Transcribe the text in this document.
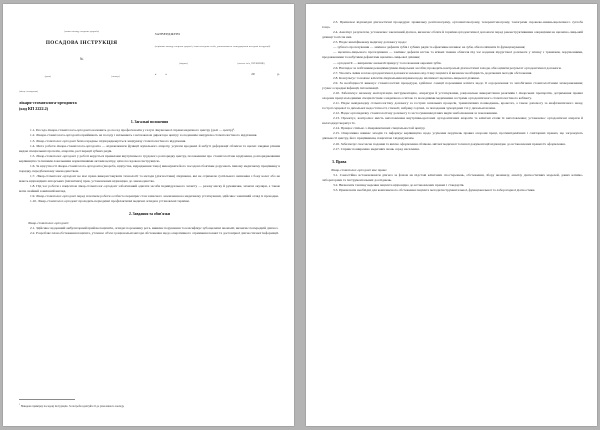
(назва закладу охорони здоров'я)
ПОСАДОВА ІНСТРУКЦІЯ
№
(дата)	(номер)
(місце складання)
лікаря-стоматолога-ортодонта
(код КП 2222.2)
ЗАТВЕРДЖУЮ
(керівник закладу охорони здоров'я, інша посадова особа, уповноважена затверджувати посадові інструкції)
(підпис)	(власне ім'я, ПРІЗВИЩЕ)
«	»	20	р.
1. Загальні положення

1.1. Посада лікаря-стоматолога-ортодонта належить до посад професіоналів у галузі лікувальної справи медичного центру (далі — центр)¹.

1.2. Лікаря-стоматолога-ортодонта приймають на посаду і звільняють з неї наказом директора центру за поданням завідувача стоматологічного відділення.

1.3. Лікар-стоматолог-ортодонт безпосередньо підпорядковується завідувачу стоматологічного відділення.

1.4. Мета роботи лікаря-стоматолога-ортодонта — відновлювати функції жувального апарату, усувати вроджені й набуті деформації обличчя та щелеп завдяки різним видам спеціальних протезів, апаратів, реставрації зубних рядів.

1.5. Лікар-стоматолог-ортодонт у роботі керується правилами внутрішнього трудового розпорядку центру, положенням про стоматологічне відділення, розпорядженнями керівництва та іншими локальними нормативними актами центру, цією посадовою інструкцією.

1.6. За відсутності лікаря-стоматолога-ортодонта (хвороба, відпустка, відрядження тощо) виконувати його посадові обов'язки доручають іншому медичному працівнику в порядку, передбаченому законодавством.

1.7. Лікар-стоматолог-ортодонт не має права використовувати технології та методи (діагностики) лікування, які не отримали суспільного визнання з боку колег або не мають відповідних авторських (патентних) прав, установлених відповідно до законодавства.

1.8. Під час роботи з пацієнтом лікар-стоматолог-ортодонт зобов'язаний одягати засоби індивідуального захисту — разову маску й рукавички, захисні окуляри, а також мати охайний зовнішній вигляд.

1.9. Лікар-стоматолог-ортодонт перед початком роботи особисто перевіряє стан захисного заземлення на медичному устаткуванні, здійснює зовнішній огляд із проводки.

1.10. Лікар-стоматолог-ортодонт проходить періодичні профілактичні медичні огляди в установлені терміни.

2. Завдання та обов'язки

Лікар-стоматолог-ортодонт:

2.1. Здійснює щоденний амбулаторний прийом пацієнтів, огляди: порожнину рота, виявляє порушення та класифікує зубощелепні аномалії, визначає попередній діагноз.

2.2. Розробляє план обстеження пацієнта, уточнює об'єм і раціональні методи обстеження щодо оперативного отримання повної та достовірної діагностичної інформації.

$^1$ Наведено примірну посадову інструкцію. За потреби адаптуйте її до умов вашого закладу.

2.3. Призначає відповідні діагностичні процедури: правильну рентгенограму, ортопантомограму, телерентгенограму, томограми скронево-нижньощелепного суглоба тощо.

2.4. Аналізує результати, установлює заключний діагноз, визначає обсяги й терміни ортодонтичної допомоги перед реконструктивними операціями на щелепно-лицьовій ділянці та після них.

2.5. Надає кваліфіковану медичну допомогу щодо:

— зубного протезування — замінює дефекти зубів і зубних рядів та ефективне впливає на зуби, аби поліпшити їх функціонування;

— щелепно-лицьового протезування — замінює дефекти кісток та м'яких тканин обличчя під час надання хірургічної допомоги у зв'язку з травмами, порушеннями, продовженими та набутими дефектами щелепно-лицьової ділянки;

— ортодонтії — виправляє аномалії прикусу та положення окремих зубів.

2.6. Наглядає за побічними реакціями/діями лікарських засобів; проводить контрольні діагностичні заходи, аби оцінити результат ортодонтичної допомоги.

2.7. Уносить зміни в план ортодонтичної допомоги залежно від стану пацієнта й визначає необхідність додаткових методів обстеження.

2.8. Консультує та навчає клієнтів лікувальним вправам щодо міотимаєт щелепно-лицьової ділянки.

2.9. За необхідності виконує стоматологічні процедури, здійснює санації порожнини клієнта щодо її оздоровлення та запобігання стоматологічним захворюванням; усуває осередки інфекції, інтоксикації.

2.10. Забезпечує належну експлуатацію інструментарію, апаратури й устаткування, раціональне використання реактивів і лікарських препаратів, дотримання правил охорони праці молодшими спеціалістами з медичною освітою та молодшими медичними сестрами ортодонтичного стоматологічного кабінету.

2.11. Надає невідкладну стоматологічну допомогу за гострих запальних процесів, травматичних пошкоджень, кровотеч, а також допомогу за анафілактичного шоку, гострої серцевої та дихальної недостатності, гіпоксії, набряку гортані, за попадання чужорідних тіл у дихальні шляхи.

2.12. Надає ортопедичну стоматологічну допомогу із застосуванням різних видів знеболювання за показаннями.

2.13. Проектує, контролює якість виготовлення внутрішньоротових ортодонтичних апаратів та клінічні етапи їх виготовлення; установлює ортодонтичні апарати й налагоджує/коригує їх.

2.14. Працює спільно з лікарями інших спеціальностей центру.

2.15. Оперативно вживає заходів та інформує керівництво щодо усунення порушень правил охорони праці, протиепідемічних і санітарних правил, що загрожують діяльності центру, його працівникам, пацієнтам і відвідувачам.

2.16. Забезпечує своєчасне подання та якісне оформлення обліково-звітної медичної та іншої документації відповідно до встановлених правил їх оформлення.

2.17. Сприяє поширенню медичних знань серед населення.

3. Права

Лікар-стоматолог-ортодонт має право:

3.1. Самостійно встановлювати діагноз за фахом на підставі клінічних спостережень, обстеження, збору анамнезу, аналізу діагностичних моделей, даних клініко-лабораторних та інструментальних досліджень.

3.2. Визначати тактику ведення пацієнта відповідно до встановлених правил і стандартів.

3.3. Призначати необхідні для комплексного обстеження пацієнта методи інструментальної, функціональної та лабораторної діагностики.
